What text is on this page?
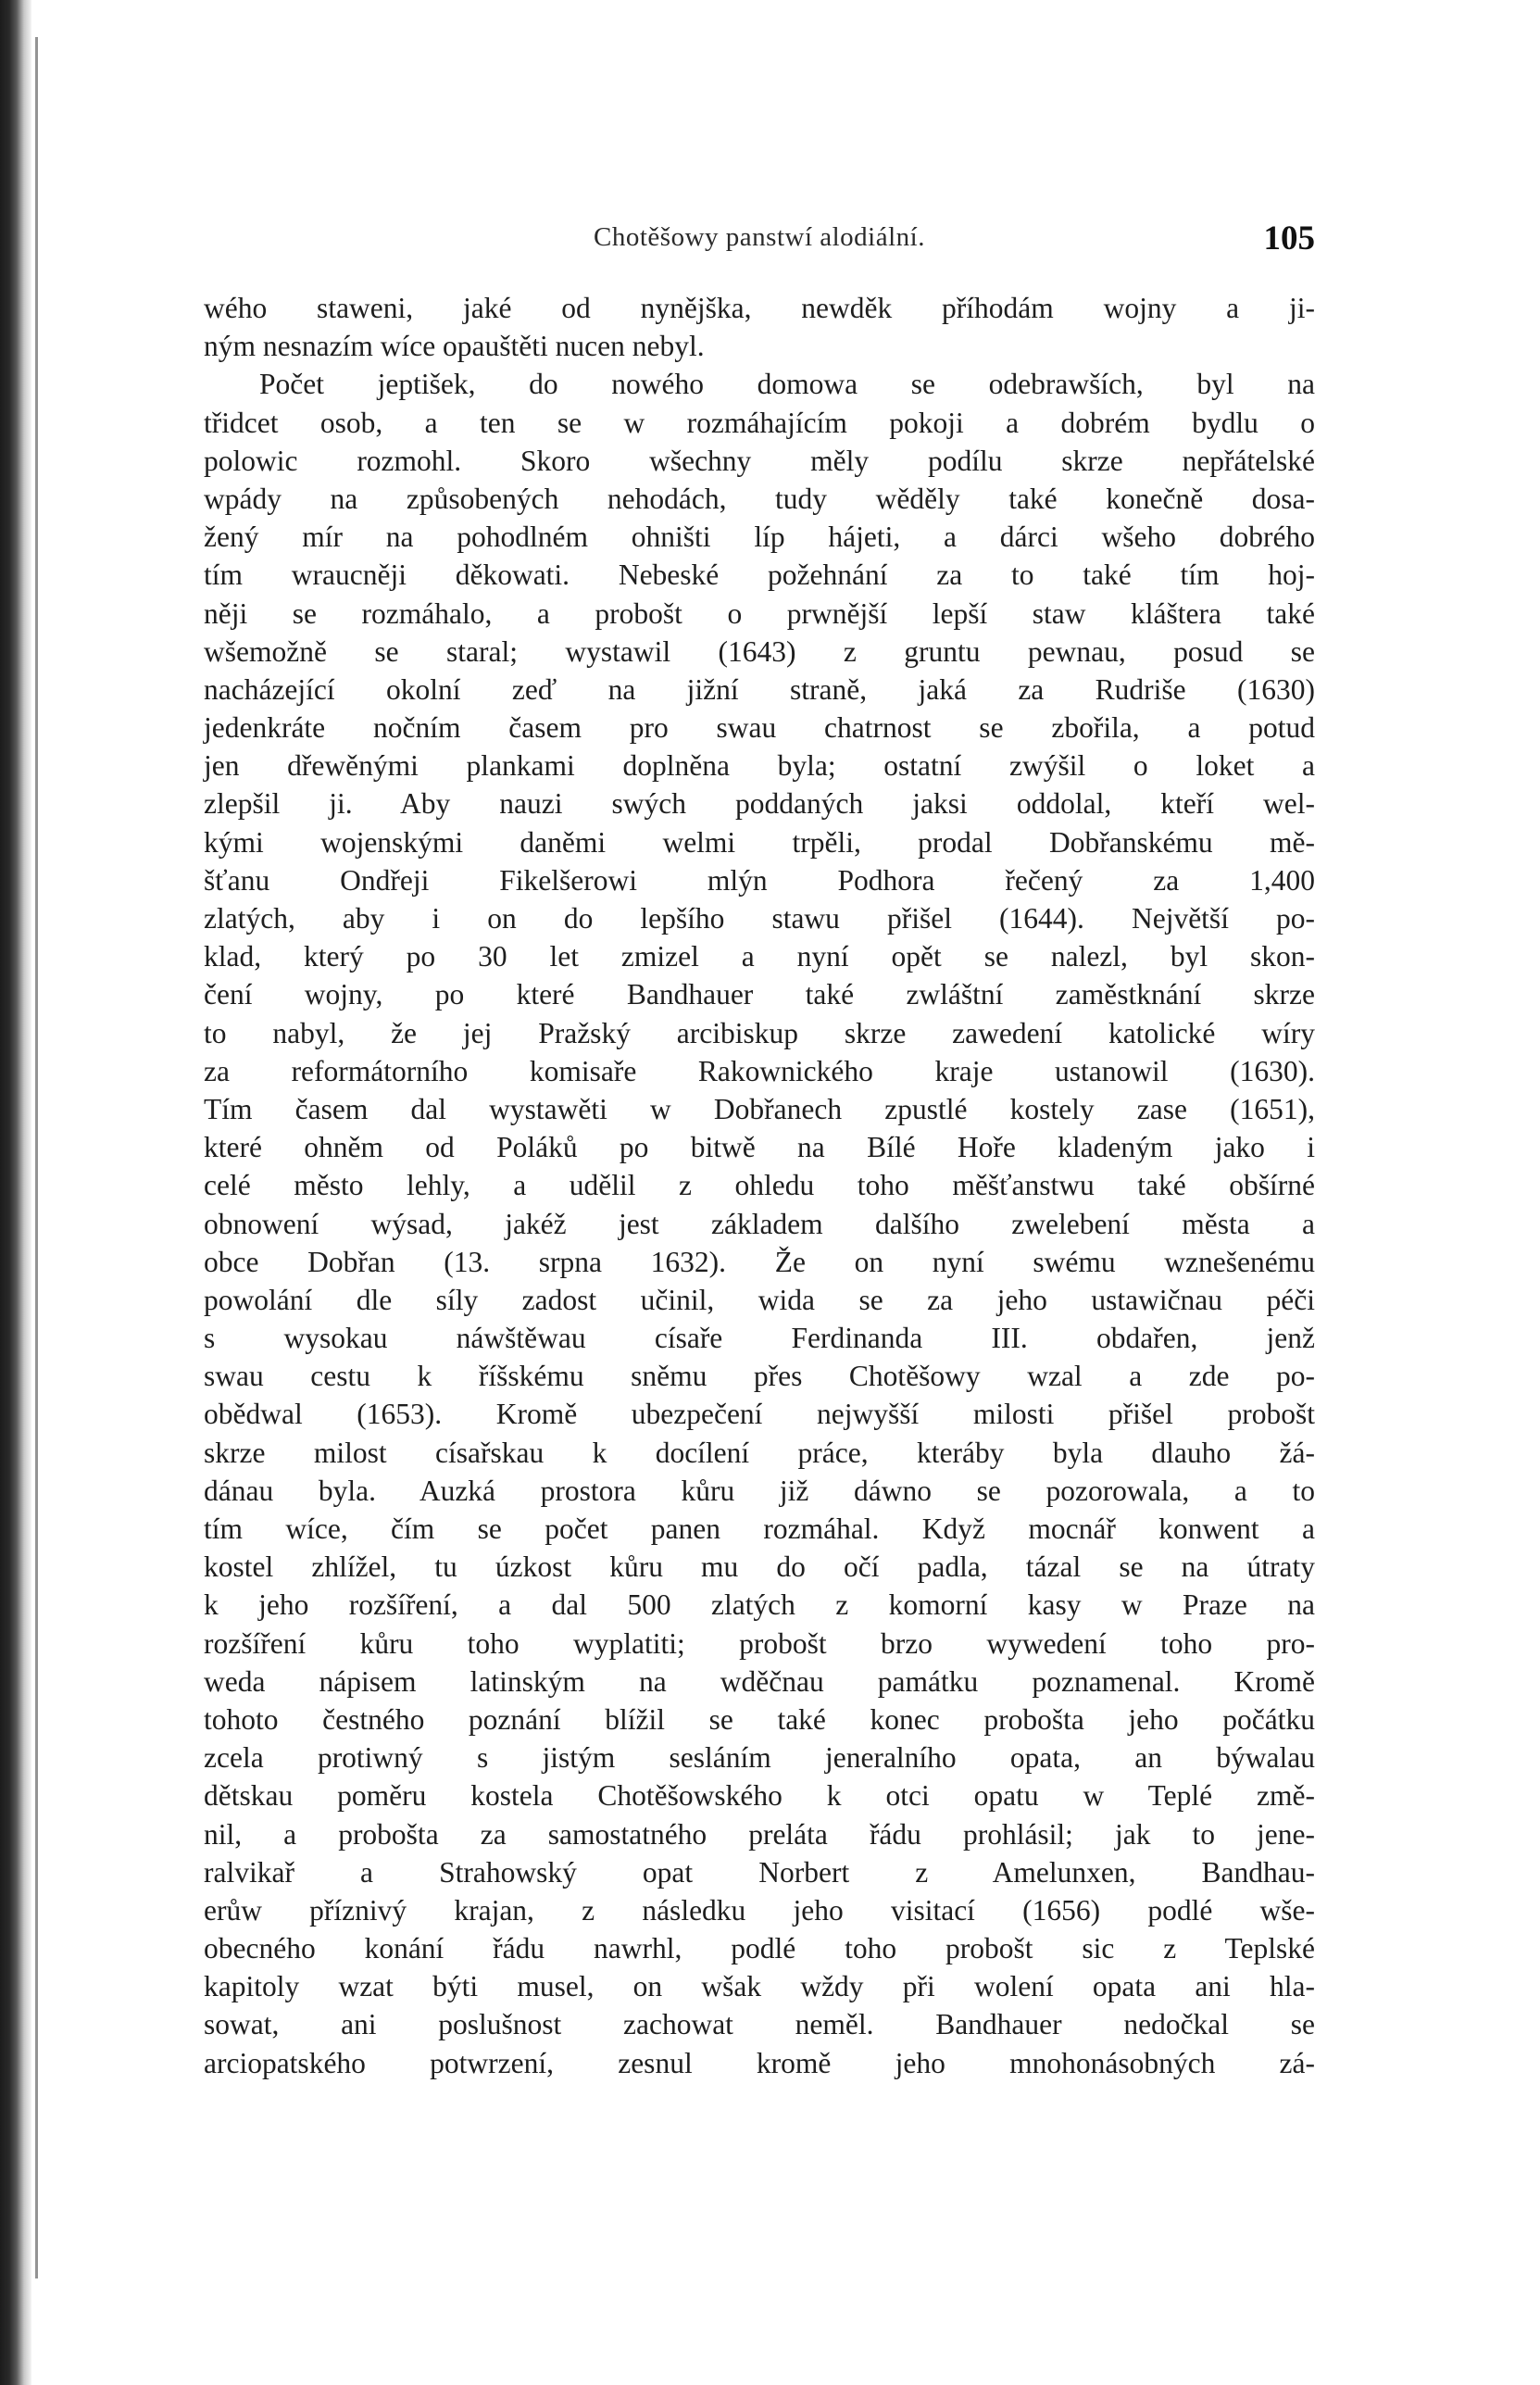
Chotěšowy panstwí alodiální.	105
wého staweni, jaké od nynějška, newděk příhodám wojny a ji-
ným nesnazím wíce opauštěti nucen nebyl.
Počet jeptišek, do nowého domowa se odebrawších, byl na
třidcet osob, a ten se w rozmáhajícím pokoji a dobrém bydlu o
polowic rozmohl. Skoro wšechny měly podílu skrze nepřátelské
wpády na způsobených nehodách, tudy wěděly také konečně dosa-
žený mír na pohodlném ohništi líp hájeti, a dárci wšeho dobrého
tím wraucněji děkowati. Nebeské požehnání za to také tím hoj-
něji se rozmáhalo, a probošt o prwnější lepší staw kláštera také
wšemožně se staral; wystawil (1643) z gruntu pewnau, posud se
nacházející okolní zeď na jižní straně, jaká za Rudriše (1630)
jedenkráte nočním časem pro swau chatrnost se zbořila, a potud
jen dřewěnými plankami doplněna byla; ostatní zwýšil o loket a
zlepšil ji. Aby nauzi swých poddaných jaksi oddolal, kteří wel-
kými wojenskými daněmi welmi trpěli, prodal Dobřanskému mě-
šťanu Ondřeji Fikelšerowi mlýn Podhora řečený za 1,400
zlatých, aby i on do lepšího stawu přišel (1644). Největší po-
klad, který po 30 let zmizel a nyní opět se nalezl, byl skon-
čení wojny, po které Bandhauer také zwláštní zaměstknání skrze
to nabyl, že jej Pražský arcibiskup skrze zawedení katolické wíry
za reformátorního komisaře Rakownického kraje ustanowil (1630).
Tím časem dal wystawěti w Dobřanech zpustlé kostely zase (1651),
které ohněm od Poláků po bitwě na Bílé Hoře kladeným jako i
celé město lehly, a udělil z ohledu toho měšťanstwu také obšírné
obnowení wýsad, jakéž jest základem dalšího zwelebení města a
obce Dobřan (13. srpna 1632). Že on nyní swému wznešenému
powolání dle síly zadost učinil, wida se za jeho ustawičnau péči
s wysokau náwštěwau císaře Ferdinanda III. obdařen, jenž
swau cestu k říšskému sněmu přes Chotěšowy wzal a zde po-
obědwal (1653). Kromě ubezpečení nejwyšší milosti přišel probošt
skrze milost císařskau k docílení práce, kteráby byla dlauho žá-
dánau byla. Auzká prostora kůru již dáwno se pozorowala, a to
tím wíce, čím se počet panen rozmáhal. Když mocnář konwent a
kostel zhlížel, tu úzkost kůru mu do očí padla, tázal se na útraty
k jeho rozšíření, a dal 500 zlatých z komorní kasy w Praze na
rozšíření kůru toho wyplatiti; probošt brzo wywedení toho pro-
weda nápisem latinským na wděčnau památku poznamenal. Kromě
tohoto čestného poznání blížil se také konec probošta jeho počátku
zcela protiwný s jistým sesláním jeneralního opata, an býwalau
dětskau poměru kostela Chotěšowského k otci opatu w Teplé změ-
nil, a probošta za samostatného preláta řádu prohlásil; jak to jene-
ralvikař a Strahowský opat Norbert z Amelunxen, Bandhau-
erůw příznivý krajan, z následku jeho visitací (1656) podlé wše-
obecného konání řádu nawrhl, podlé toho probošt sic z Teplské
kapitoly wzat býti musel, on wšak wždy při wolení opata ani hla-
sowat, ani poslušnost zachowat neměl. Bandhauer nedočkal se
arciopatského potwrzení, zesnul kromě jeho mnohonásobných zá-
